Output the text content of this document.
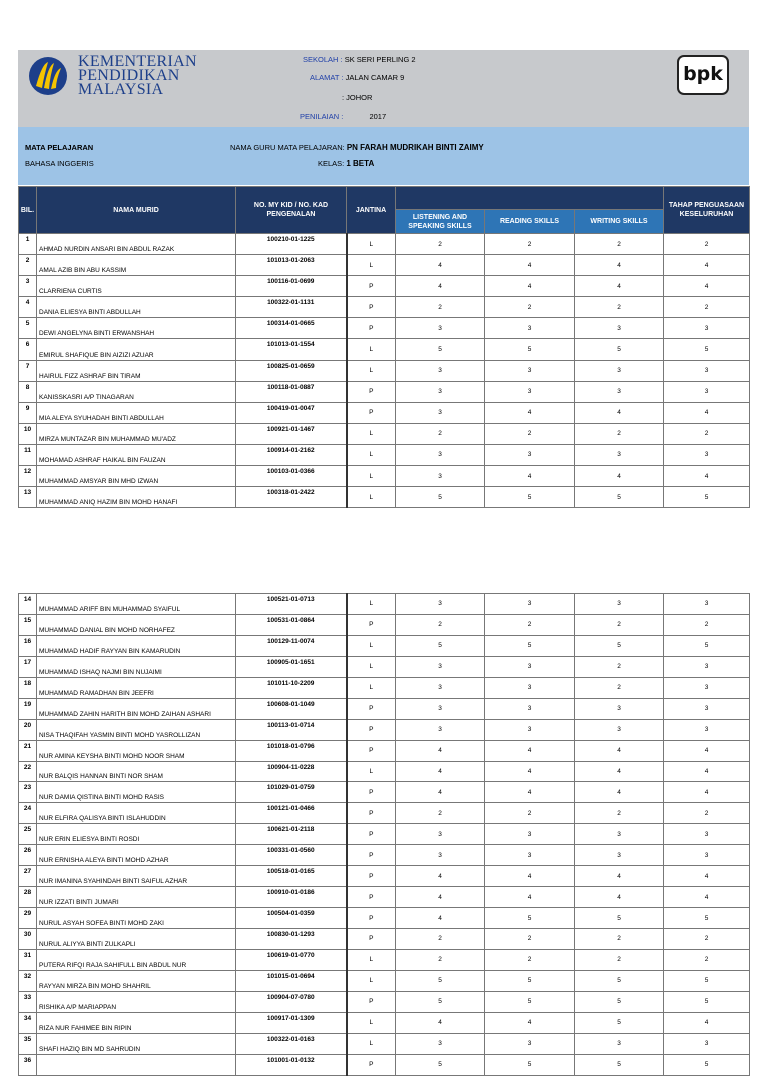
KEMENTERIAN
PENDIDIKAN
MALAYSIA
SEKOLAH : SK SERI PERLING 2
ALAMAT : JALAN CAMAR 9
: JOHOR
PENILAIAN :	2017
bpk
MATA PELAJARAN
BAHASA INGGERIS
NAMA GURU MATA PELAJARAN: PN FARAH MUDRIKAH BINTI ZAIMY
KELAS: 1 BETA
BIL.	NAMA MURID	NO. MY KID / NO. KAD PENGENALAN	JANTINA				TAHAP PENGUASAAN KESELURUHAN
				LISTENING AND SPEAKING SKILLS	READING SKILLS	WRITING SKILLS	
1	AHMAD NURDIN ANSARI BIN ABDUL RAZAK	100210-01-1225	L	2	2	2	2
2	AMAL AZIB BIN ABU KASSIM	101013-01-2063	L	4	4	4	4
3	CLARRIENA CURTIS	100116-01-0699	P	4	4	4	4
4	DANIA ELIESYA BINTI ABDULLAH	100322-01-1131	P	2	2	2	2
5	DEWI ANGELYNA BINTI ERWANSHAH	100314-01-0665	P	3	3	3	3
6	EMIRUL SHAFIQUE BIN AIZIZI AZUAR	101013-01-1554	L	5	5	5	5
7	HAIRUL FIZZ ASHRAF BIN TIRAM	100825-01-0659	L	3	3	3	3
8	KANISSKASRI A/P TINAGARAN	100118-01-0887	P	3	3	3	3
9	MIA ALEYA SYUHADAH BINTI ABDULLAH	100419-01-0047	P	3	4	4	4
10	MIRZA MUNTAZAR BIN MUHAMMAD MU'ADZ	100921-01-1467	L	2	2	2	2
11	MOHAMAD ASHRAF HAIKAL BIN FAUZAN	100914-01-2162	L	3	3	3	3
12	MUHAMMAD AMSYAR BIN MHD IZWAN	100103-01-0366	L	3	4	4	4
13	MUHAMMAD ANIQ HAZIM BIN MOHD HANAFI	100318-01-2422	L	5	5	5	5
14	MUHAMMAD ARIFF BIN MUHAMMAD SYAIFUL	100521-01-0713	L	3	3	3	3
15	MUHAMMAD DANIAL BIN MOHD NORHAFEZ	100531-01-0864	P	2	2	2	2
16	MUHAMMAD HADIF RAYYAN BIN KAMARUDIN	100129-11-0074	L	5	5	5	5
17	MUHAMMAD ISHAQ NAJMI BIN NUJAIMI	100905-01-1651	L	3	3	2	3
18	MUHAMMAD RAMADHAN BIN JEEFRI	101011-10-2209	L	3	3	2	3
19	MUHAMMAD ZAHIN HARITH BIN MOHD ZAIHAN ASHARI	100608-01-1049	P	3	3	3	3
20	NISA THAQIFAH YASMIN BINTI MOHD YASROLLIZAN	100113-01-0714	P	3	3	3	3
21	NUR AMINA KEYSHA BINTI MOHD NOOR SHAM	101018-01-0796	P	4	4	4	4
22	NUR BALQIS HANNAN BINTI NOR SHAM	100904-11-0228	L	4	4	4	4
23	NUR DAMIA QISTINA BINTI MOHD RASIS	101029-01-0759	P	4	4	4	4
24	NUR ELFIRA QALISYA BINTI ISLAHUDDIN	100121-01-0466	P	2	2	2	2
25	NUR ERIN ELIESYA BINTI ROSDI	100621-01-2118	P	3	3	3	3
26	NUR ERNISHA ALEYA BINTI MOHD AZHAR	100331-01-0560	P	3	3	3	3
27	NUR IMANINA SYAHINDAH BINTI SAIFUL AZHAR	100518-01-0165	P	4	4	4	4
28	NUR IZZATI BINTI JUMARI	100910-01-0186	P	4	4	4	4
29	NURUL ASYAH SOFEA BINTI MOHD ZAKI	100504-01-0359	P	4	5	5	5
30	NURUL ALIYYA BINTI ZULKAPLI	100830-01-1293	P	2	2	2	2
31	PUTERA RIFQI RAJA SAHIFULL BIN ABDUL NUR	100619-01-0770	L	2	2	2	2
32	RAYYAN MIRZA BIN MOHD SHAHRIL	101015-01-0694	L	5	5	5	5
33	RISHIKA A/P MARIAPPAN	100904-07-0780	P	5	5	5	5
34	RIZA NUR FAHIMEE BIN RIPIN	100917-01-1309	L	4	4	5	4
35	SHAFI HAZIQ BIN MD SAHRUDIN	100322-01-0163	L	3	3	3	3
36		101001-01-0132	P	5	5	5	5
